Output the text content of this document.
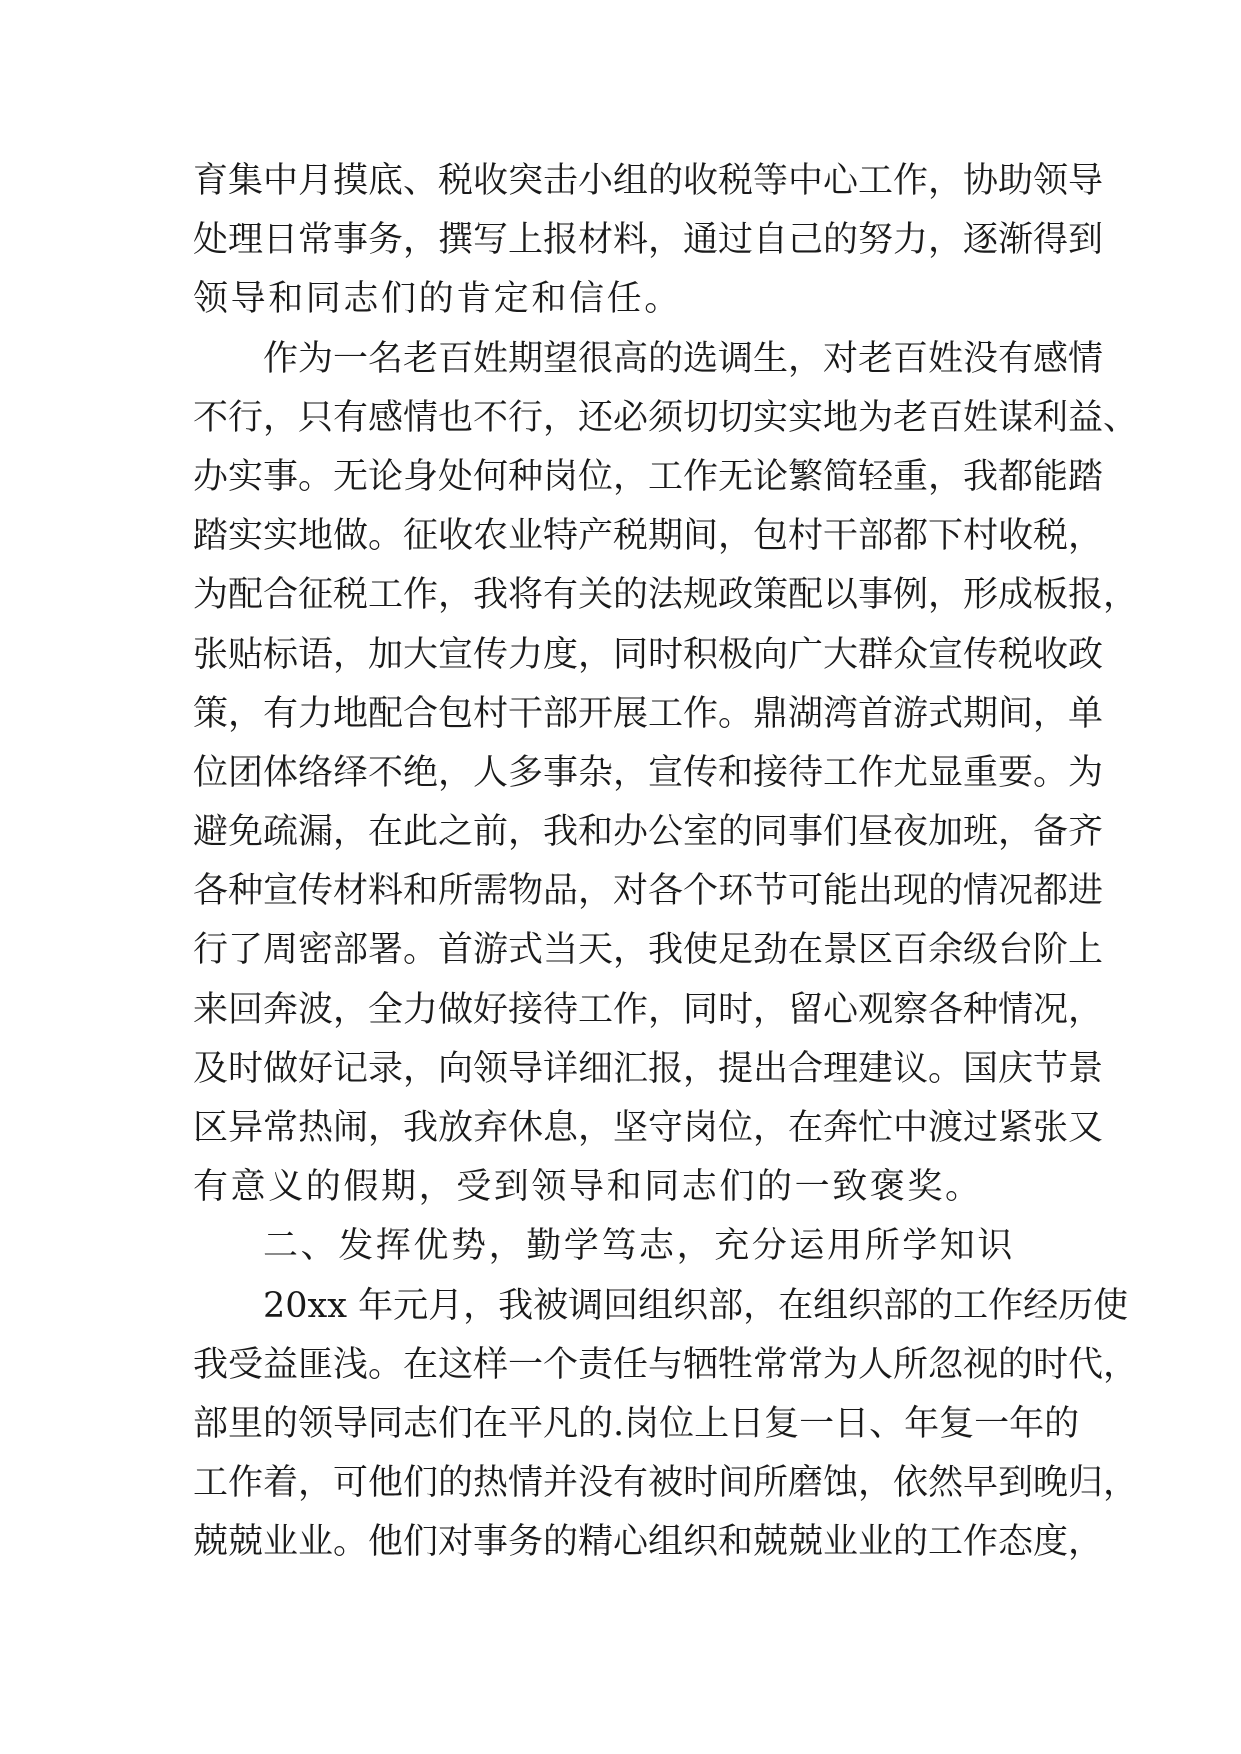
育集中月摸底、税收突击小组的收税等中心工作，协助领导
处理日常事务，撰写上报材料，通过自己的努力，逐渐得到
领导和同志们的肯定和信任。
作为一名老百姓期望很高的选调生，对老百姓没有感情
不行，只有感情也不行，还必须切切实实地为老百姓谋利益、
办实事。无论身处何种岗位，工作无论繁简轻重，我都能踏
踏实实地做。征收农业特产税期间，包村干部都下村收税，
为配合征税工作，我将有关的法规政策配以事例，形成板报，
张贴标语，加大宣传力度，同时积极向广大群众宣传税收政
策，有力地配合包村干部开展工作。鼎湖湾首游式期间，单
位团体络绎不绝，人多事杂，宣传和接待工作尤显重要。为
避免疏漏，在此之前，我和办公室的同事们昼夜加班，备齐
各种宣传材料和所需物品，对各个环节可能出现的情况都进
行了周密部署。首游式当天，我使足劲在景区百余级台阶上
来回奔波，全力做好接待工作，同时，留心观察各种情况，
及时做好记录，向领导详细汇报，提出合理建议。国庆节景
区异常热闹，我放弃休息，坚守岗位，在奔忙中渡过紧张又
有意义的假期，受到领导和同志们的一致褒奖。
二、发挥优势，勤学笃志，充分运用所学知识
20xx 年元月，我被调回组织部，在组织部的工作经历使
我受益匪浅。在这样一个责任与牺牲常常为人所忽视的时代，
部里的领导同志们在平凡的.岗位上日复一日、年复一年的
工作着，可他们的热情并没有被时间所磨蚀，依然早到晚归，
兢兢业业。他们对事务的精心组织和兢兢业业的工作态度，
